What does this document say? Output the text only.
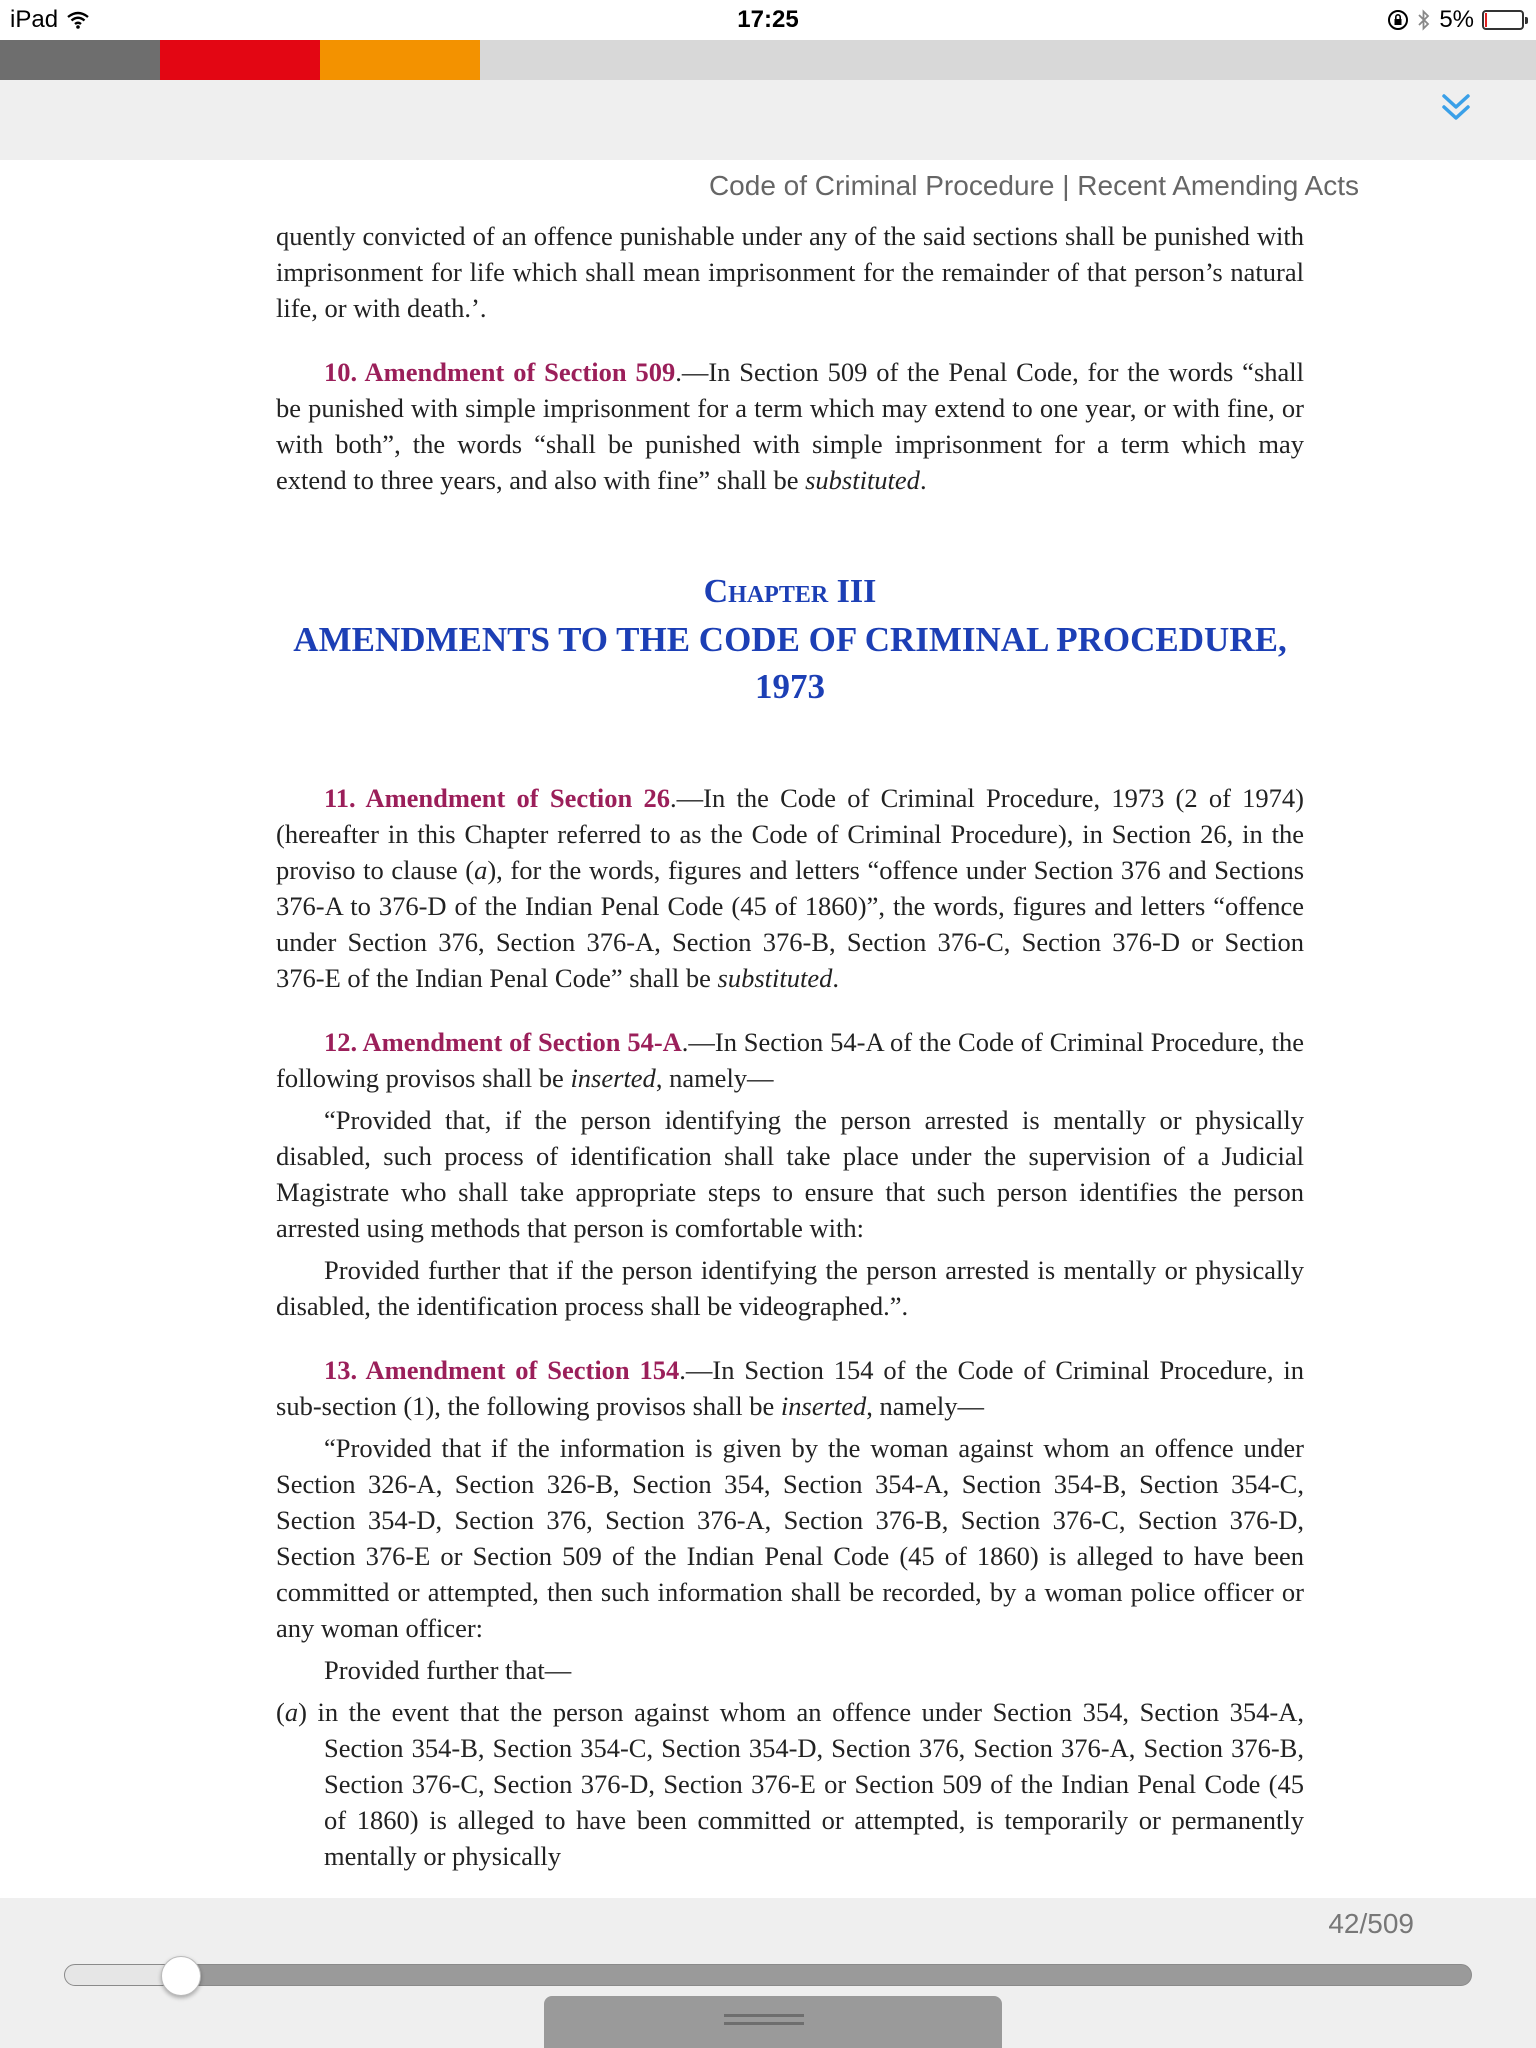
iPad	17:25	5%
Code of Criminal Procedure | Recent Amending Acts

quently convicted of an offence punishable under any of the said sections shall be punished with imprisonment for life which shall mean imprisonment for the remainder of that person’s natural life, or with death.’.

10. Amendment of Section 509.—In Section 509 of the Penal Code, for the words “shall be punished with simple imprisonment for a term which may extend to one year, or with fine, or with both”, the words “shall be punished with simple imprisonment for a term which may extend to three years, and also with fine” shall be substituted.

Chapter III
AMENDMENTS TO THE CODE OF CRIMINAL PROCEDURE, 1973

11. Amendment of Section 26.—In the Code of Criminal Procedure, 1973 (2 of 1974) (hereafter in this Chapter referred to as the Code of Criminal Procedure), in Section 26, in the proviso to clause (a), for the words, figures and letters “offence under Section 376 and Sections 376-A to 376-D of the Indian Penal Code (45 of 1860)”, the words, figures and letters “offence under Section 376, Section 376-A, Section 376-B, Section 376-C, Section 376-D or Section 376-E of the Indian Penal Code” shall be substituted.

12. Amendment of Section 54-A.—In Section 54-A of the Code of Criminal Procedure, the following provisos shall be inserted, namely—

“Provided that, if the person identifying the person arrested is mentally or physically disabled, such process of identification shall take place under the supervision of a Judicial Magistrate who shall take appropriate steps to ensure that such person identifies the person arrested using methods that person is comfortable with:

Provided further that if the person identifying the person arrested is mentally or physically disabled, the identification process shall be videographed.”.

13. Amendment of Section 154.—In Section 154 of the Code of Criminal Procedure, in sub-section (1), the following provisos shall be inserted, namely—

“Provided that if the information is given by the woman against whom an offence under Section 326-A, Section 326-B, Section 354, Section 354-A, Section 354-B, Section 354-C, Section 354-D, Section 376, Section 376-A, Section 376-B, Section 376-C, Section 376-D, Section 376-E or Section 509 of the Indian Penal Code (45 of 1860) is alleged to have been committed or attempted, then such information shall be recorded, by a woman police officer or any woman officer:

Provided further that—

(a) in the event that the person against whom an offence under Section 354, Section 354-A, Section 354-B, Section 354-C, Section 354-D, Section 376, Section 376-A, Section 376-B, Section 376-C, Section 376-D, Section 376-E or Section 509 of the Indian Penal Code (45 of 1860) is alleged to have been committed or attempted, is temporarily or permanently mentally or physically

42/509
